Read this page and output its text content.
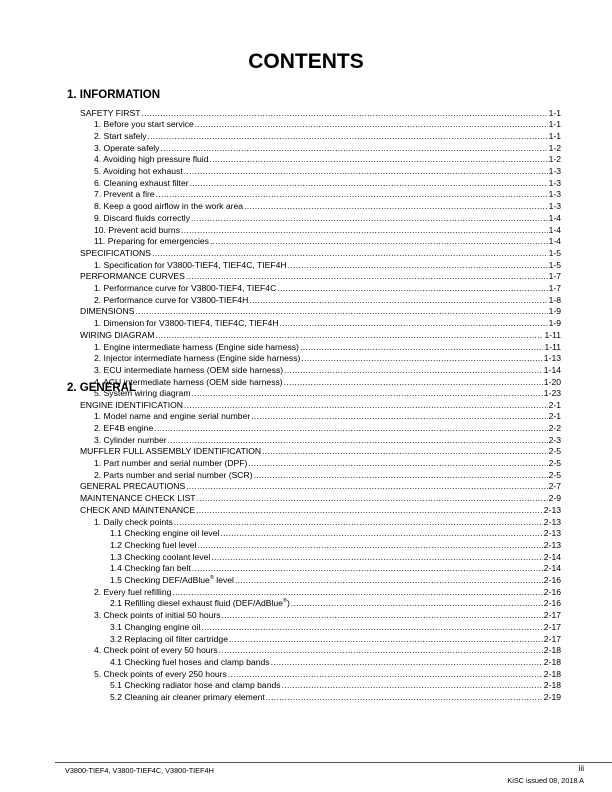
CONTENTS
1. INFORMATION
SAFETY FIRST .....	1-1
1. Before you start service .....	1-1
2. Start safely .....	1-1
3. Operate safely .....	1-2
4. Avoiding high pressure fluid .....	1-2
5. Avoiding hot exhaust .....	1-3
6. Cleaning exhaust filter .....	1-3
7. Prevent a fire .....	1-3
8. Keep a good airflow in the work area .....	1-3
9. Discard fluids correctly .....	1-4
10. Prevent acid burns .....	1-4
11. Preparing for emergencies .....	1-4
SPECIFICATIONS .....	1-5
1. Specification for V3800-TIEF4, TIEF4C, TIEF4H .....	1-5
PERFORMANCE CURVES .....	1-7
1. Performance curve for V3800-TIEF4, TIEF4C .....	1-7
2. Performance curve for V3800-TIEF4H .....	1-8
DIMENSIONS .....	1-9
1. Dimension for V3800-TIEF4, TIEF4C, TIEF4H .....	1-9
WIRING DIAGRAM .....	1-11
1. Engine intermediate harness (Engine side harness) .....	1-11
2. Injector intermediate harness (Engine side harness) .....	1-13
3. ECU intermediate harness (OEM side harness) .....	1-14
4. ACU intermediate harness (OEM side harness) .....	1-20
5. System wiring diagram .....	1-23
2. GENERAL
ENGINE IDENTIFICATION .....	2-1
1. Model name and engine serial number .....	2-1
2. EF4B engine .....	2-2
3. Cylinder number .....	2-3
MUFFLER FULL ASSEMBLY IDENTIFICATION .....	2-5
1. Part number and serial number (DPF) .....	2-5
2. Parts number and serial number (SCR) .....	2-5
GENERAL PRECAUTIONS .....	2-7
MAINTENANCE CHECK LIST .....	2-9
CHECK AND MAINTENANCE .....	2-13
1. Daily check points .....	2-13
1.1 Checking engine oil level .....	2-13
1.2 Checking fuel level .....	2-13
1.3 Checking coolant level .....	2-14
1.4 Checking fan belt .....	2-14
1.5 Checking DEF/AdBlue® level .....	2-16
2. Every fuel refilling .....	2-16
2.1 Refilling diesel exhaust fluid (DEF/AdBlue®) .....	2-16
3. Check points of initial 50 hours .....	2-17
3.1 Changing engine oil .....	2-17
3.2 Replacing oil filter cartridge .....	2-17
4. Check point of every 50 hours .....	2-18
4.1 Checking fuel hoses and clamp bands .....	2-18
5. Check points of every 250 hours .....	2-18
5.1 Checking radiator hose and clamp bands .....	2-18
5.2 Cleaning air cleaner primary element .....	2-19
V3800-TIEF4, V3800-TIEF4C, V3800-TIEF4H	iii
KiSC issued 08, 2018 A
